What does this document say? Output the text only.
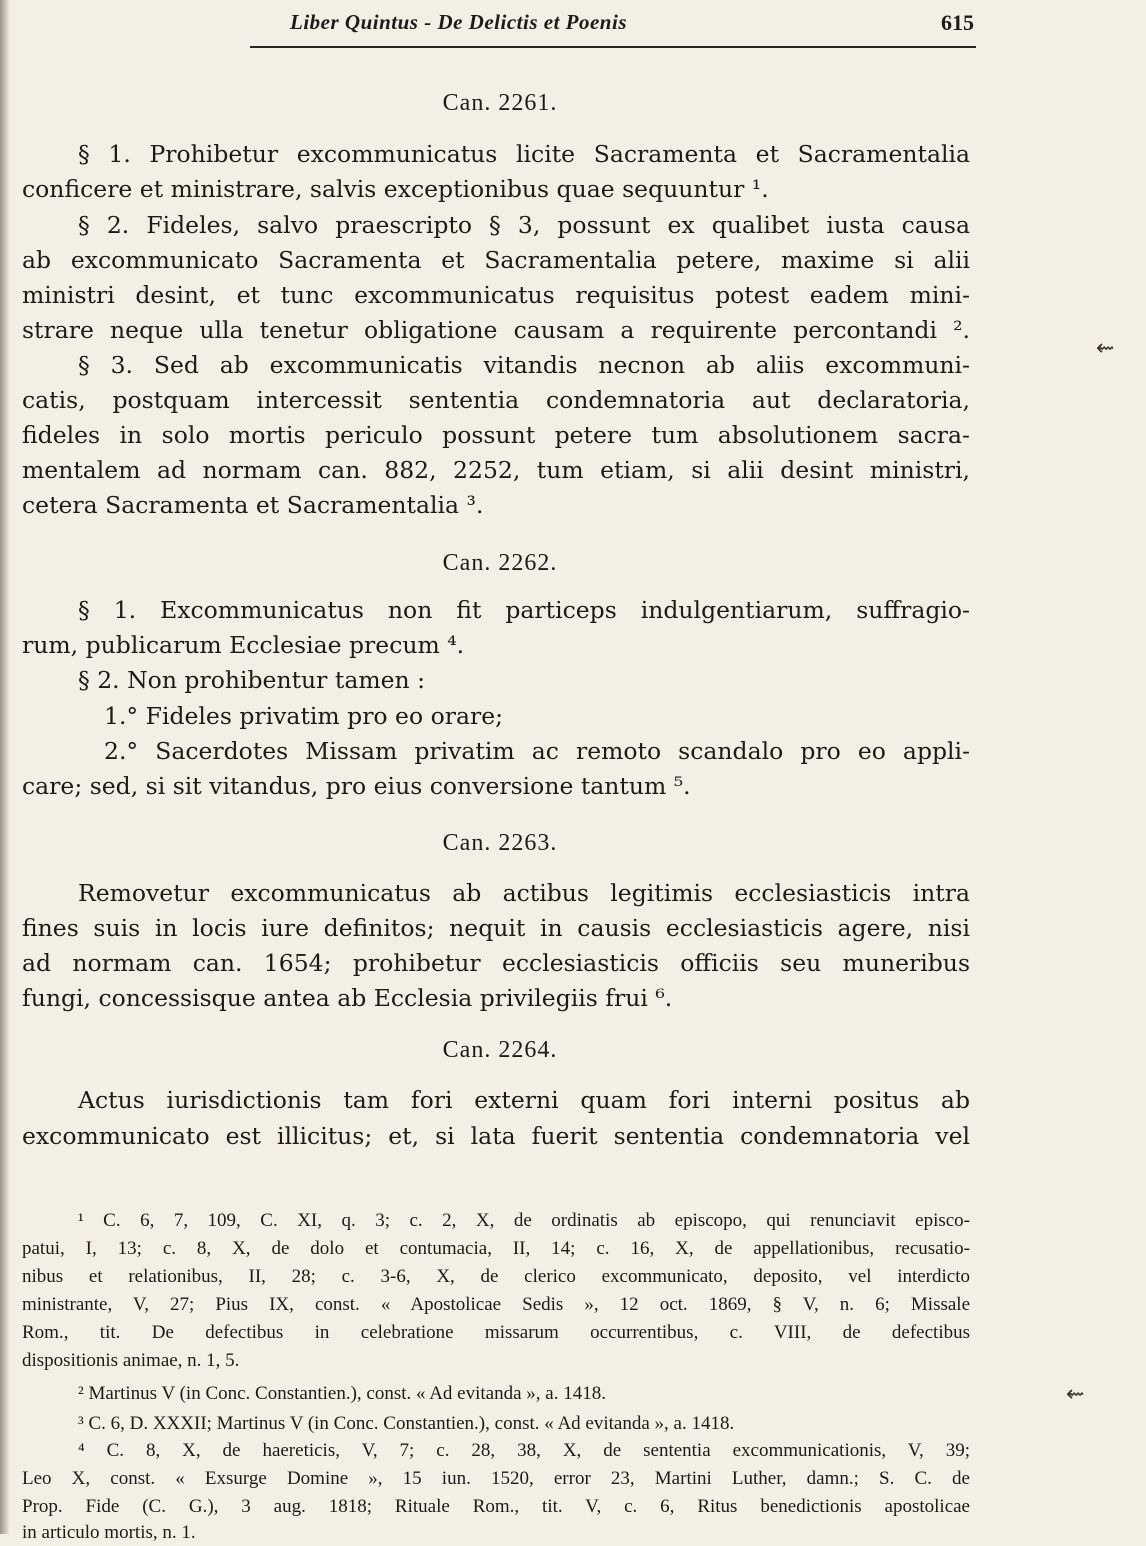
Liber Quintus - De Delictis et Poenis	615
Can. 2261.
§ 1. Prohibetur excommunicatus licite Sacramenta et Sacramentalia
conficere et ministrare, salvis exceptionibus quae sequuntur ¹.
§ 2. Fideles, salvo praescripto § 3, possunt ex qualibet iusta causa
ab excommunicato Sacramenta et Sacramentalia petere, maxime si alii
ministri desint, et tunc excommunicatus requisitus potest eadem mini-
strare neque ulla tenetur obligatione causam a requirente percontandi ².
§ 3. Sed ab excommunicatis vitandis necnon ab aliis excommuni-
catis, postquam intercessit sententia condemnatoria aut declaratoria,
fideles in solo mortis periculo possunt petere tum absolutionem sacra-
mentalem ad normam can. 882, 2252, tum etiam, si alii desint ministri,
cetera Sacramenta et Sacramentalia ³.
⇜
Can. 2262.
§ 1. Excommunicatus non fit particeps indulgentiarum, suffragio-
rum, publicarum Ecclesiae precum ⁴.
§ 2. Non prohibentur tamen :
1.° Fideles privatim pro eo orare;
2.° Sacerdotes Missam privatim ac remoto scandalo pro eo appli-
care; sed, si sit vitandus, pro eius conversione tantum ⁵.
Can. 2263.
Removetur excommunicatus ab actibus legitimis ecclesiasticis intra
fines suis in locis iure definitos; nequit in causis ecclesiasticis agere, nisi
ad normam can. 1654; prohibetur ecclesiasticis officiis seu muneribus
fungi, concessisque antea ab Ecclesia privilegiis frui ⁶.
Can. 2264.
Actus iurisdictionis tam fori externi quam fori interni positus ab
excommunicato est illicitus; et, si lata fuerit sententia condemnatoria vel
¹ C. 6, 7, 109, C. XI, q. 3; c. 2, X, de ordinatis ab episcopo, qui renunciavit episco-
patui, I, 13; c. 8, X, de dolo et contumacia, II, 14; c. 16, X, de appellationibus, recusatio-
nibus et relationibus, II, 28; c. 3-6, X, de clerico excommunicato, deposito, vel interdicto
ministrante, V, 27; Pius IX, const. « Apostolicae Sedis », 12 oct. 1869, § V, n. 6; Missale
Rom., tit. De defectibus in celebratione missarum occurrentibus, c. VIII, de defectibus
dispositionis animae, n. 1, 5.
² Martinus V (in Conc. Constantien.), const. « Ad evitanda », a. 1418.
³ C. 6, D. XXXII; Martinus V (in Conc. Constantien.), const. « Ad evitanda », a. 1418.
⁴ C. 8, X, de haereticis, V, 7; c. 28, 38, X, de sententia excommunicationis, V, 39;
Leo X, const. « Exsurge Domine », 15 iun. 1520, error 23, Martini Luther, damn.; S. C. de
Prop. Fide (C. G.), 3 aug. 1818; Rituale Rom., tit. V, c. 6, Ritus benedictionis apostolicae
in articulo mortis, n. 1.
⇜
